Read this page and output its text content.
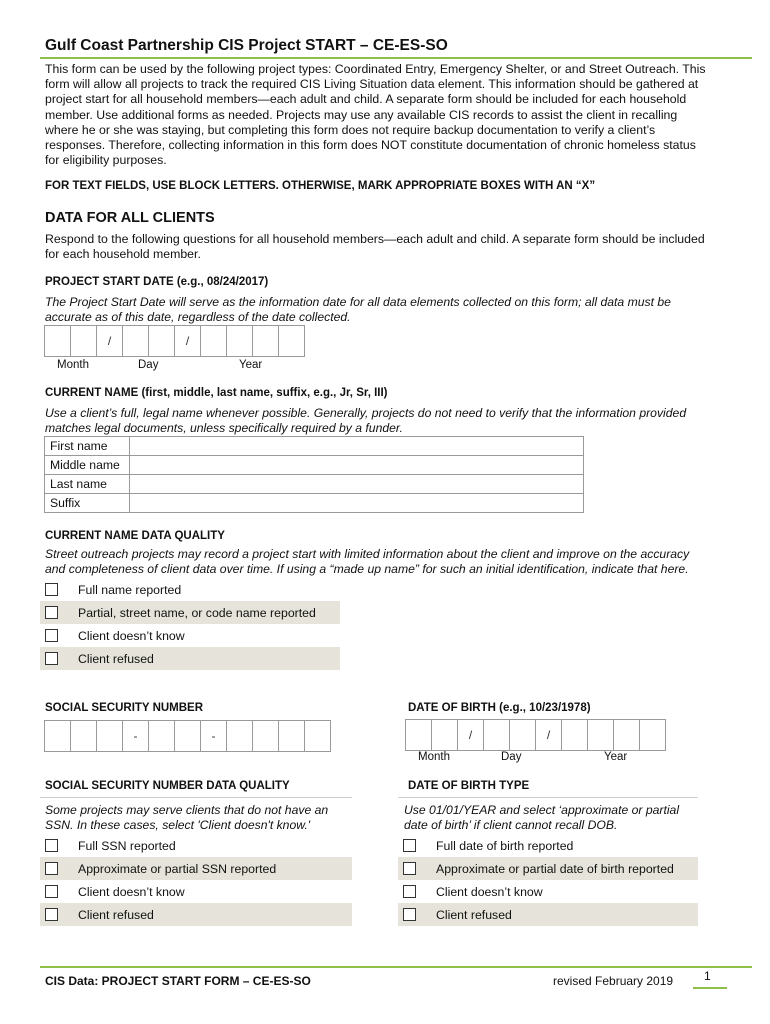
Gulf Coast Partnership CIS Project START – CE-ES-SO
This form can be used by the following project types: Coordinated Entry, Emergency Shelter, or and Street Outreach. This
form will allow all projects to track the required CIS Living Situation data element. This information should be gathered at
project start for all household members—each adult and child. A separate form should be included for each household
member. Use additional forms as needed. Projects may use any available CIS records to assist the client in recalling
where he or she was staying, but completing this form does not require backup documentation to verify a client’s
responses. Therefore, collecting information in this form does NOT constitute documentation of chronic homeless status
for eligibility purposes.
FOR TEXT FIELDS, USE BLOCK LETTERS. OTHERWISE, MARK APPROPRIATE BOXES WITH AN “X”
DATA FOR ALL CLIENTS
Respond to the following questions for all household members—each adult and child. A separate form should be included
for each household member.
PROJECT START DATE (e.g., 08/24/2017)
The Project Start Date will serve as the information date for all data elements collected on this form; all data must be
accurate as of this date, regardless of the date collected.
		/			/				
Month	Day	Year
CURRENT NAME (first, middle, last name, suffix, e.g., Jr, Sr, III)
Use a client’s full, legal name whenever possible. Generally, projects do not need to verify that the information provided
matches legal documents, unless specifically required by a funder.
First name	
Middle name	
Last name	
Suffix	
CURRENT NAME DATA QUALITY
Street outreach projects may record a project start with limited information about the client and improve on the accuracy
and completeness of client data over time. If using a “made up name” for such an initial identification, indicate that here.
Full name reported
Partial, street name, or code name reported
Client doesn’t know
Client refused
SOCIAL SECURITY NUMBER
			-			-				
DATE OF BIRTH (e.g., 10/23/1978)
		/			/				
Month	Day	Year
SOCIAL SECURITY NUMBER DATA QUALITY
Some projects may serve clients that do not have an
SSN. In these cases, select 'Client doesn't know.'
Full SSN reported
Approximate or partial SSN reported
Client doesn’t know
Client refused
DATE OF BIRTH TYPE
Use 01/01/YEAR and select ‘approximate or partial
date of birth’ if client cannot recall DOB.
Full date of birth reported
Approximate or partial date of birth reported
Client doesn’t know
Client refused
CIS Data: PROJECT START FORM – CE-ES-SO	revised February 2019	1
